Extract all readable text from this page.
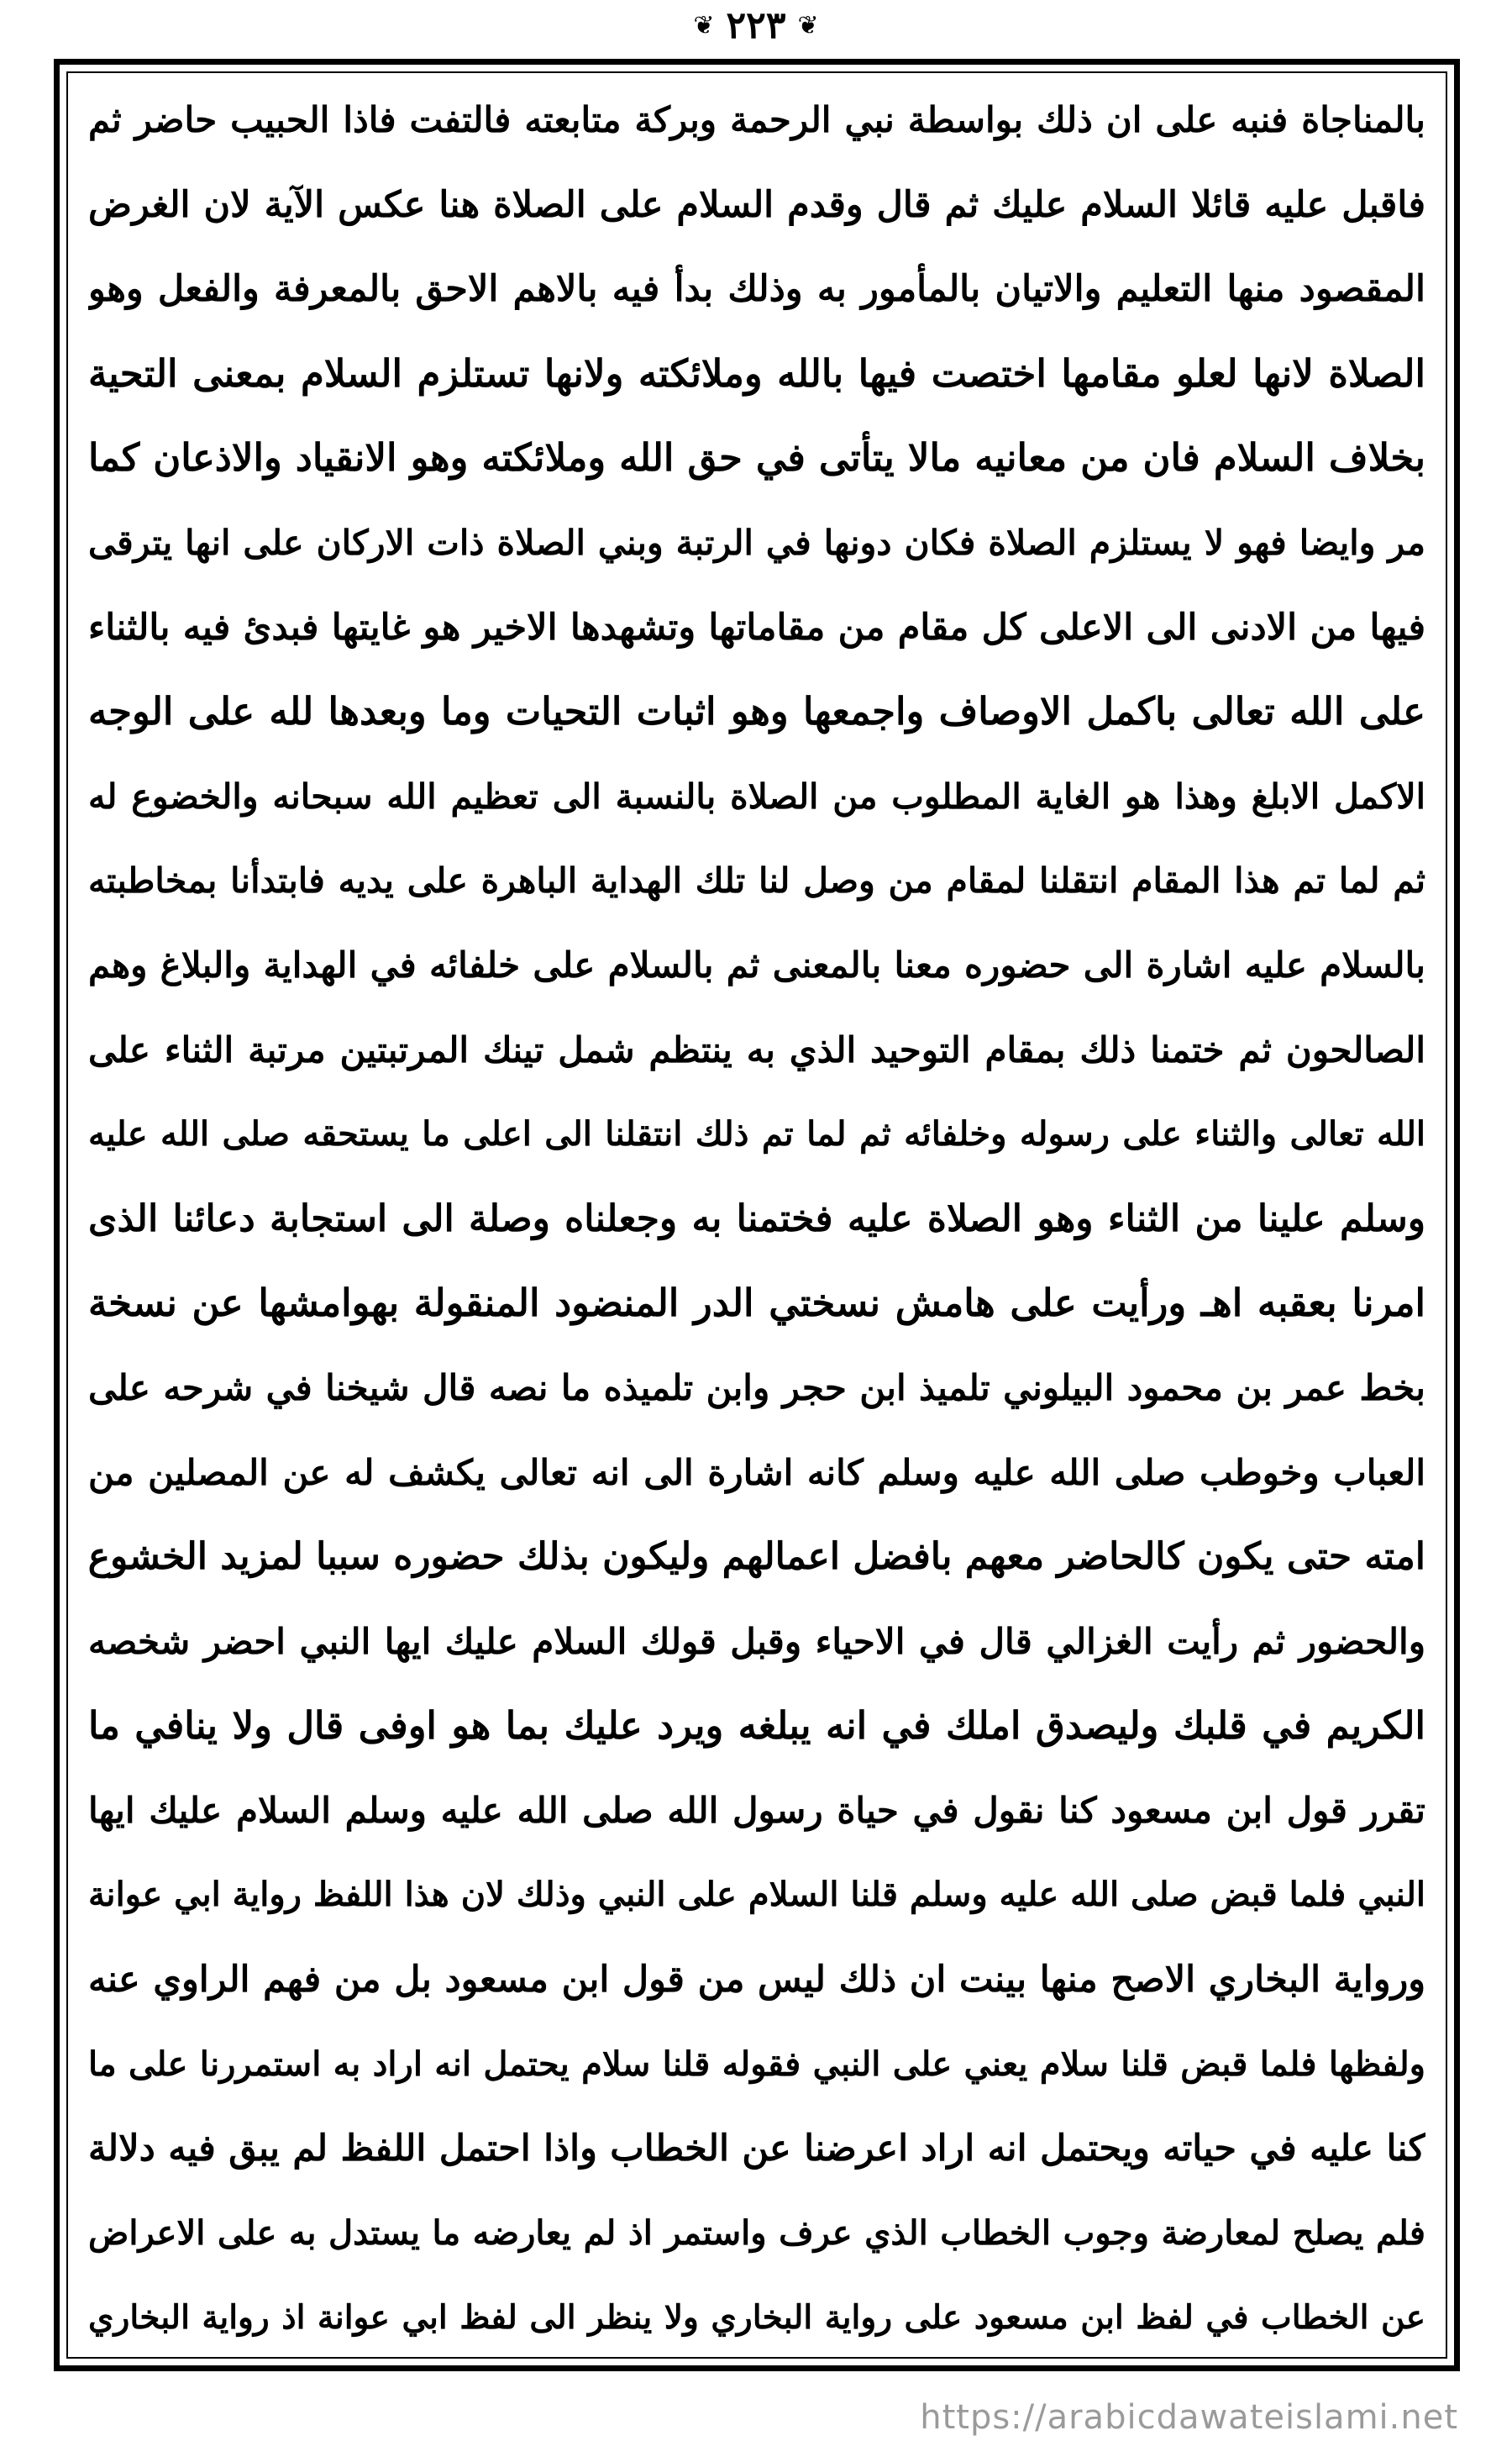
❦ ٢٢٣ ❦
بالمناجاة فنبه على ان ذلك بواسطة نبي الرحمة وبركة متابعته فالتفت فاذا الحبيب حاضر ثم
فاقبل عليه قائلا السلام عليك ثم قال وقدم السلام على الصلاة هنا عكس الآية لان الغرض
المقصود منها التعليم والاتيان بالمأمور به وذلك بدأ فيه بالاهم الاحق بالمعرفة والفعل وهو
الصلاة لانها لعلو مقامها اختصت فيها بالله وملائكته ولانها تستلزم السلام بمعنى التحية
بخلاف السلام فان من معانيه مالا يتأتى في حق الله وملائكته وهو الانقياد والاذعان كما
مر وايضا فهو لا يستلزم الصلاة فكان دونها في الرتبة وبني الصلاة ذات الاركان على انها يترقى
فيها من الادنى الى الاعلى كل مقام من مقاماتها وتشهدها الاخير هو غايتها فبدئ فيه بالثناء
على الله تعالى باكمل الاوصاف واجمعها وهو اثبات التحيات وما وبعدها لله على الوجه
الاكمل الابلغ وهذا هو الغاية المطلوب من الصلاة بالنسبة الى تعظيم الله سبحانه والخضوع له
ثم لما تم هذا المقام انتقلنا لمقام من وصل لنا تلك الهداية الباهرة على يديه فابتدأنا بمخاطبته
بالسلام عليه اشارة الى حضوره معنا بالمعنى ثم بالسلام على خلفائه في الهداية والبلاغ وهم
الصالحون ثم ختمنا ذلك بمقام التوحيد الذي به ينتظم شمل تينك المرتبتين مرتبة الثناء على
الله تعالى والثناء على رسوله وخلفائه ثم لما تم ذلك انتقلنا الى اعلى ما يستحقه صلى الله عليه
وسلم علينا من الثناء وهو الصلاة عليه فختمنا به وجعلناه وصلة الى استجابة دعائنا الذى
امرنا بعقبه اهـ ورأيت على هامش نسختي الدر المنضود المنقولة بهوامشها عن نسخة
بخط عمر بن محمود البيلوني تلميذ ابن حجر وابن تلميذه ما نصه قال شيخنا في شرحه على
العباب وخوطب صلى الله عليه وسلم كانه اشارة الى انه تعالى يكشف له عن المصلين من
امته حتى يكون كالحاضر معهم بافضل اعمالهم وليكون بذلك حضوره سببا لمزيد الخشوع
والحضور ثم رأيت الغزالي قال في الاحياء وقبل قولك السلام عليك ايها النبي احضر شخصه
الكريم في قلبك وليصدق املك في انه يبلغه ويرد عليك بما هو اوفى قال ولا ينافي ما
تقرر قول ابن مسعود كنا نقول في حياة رسول الله صلى الله عليه وسلم السلام عليك ايها
النبي فلما قبض صلى الله عليه وسلم قلنا السلام على النبي وذلك لان هذا اللفظ رواية ابي عوانة
ورواية البخاري الاصح منها بينت ان ذلك ليس من قول ابن مسعود بل من فهم الراوي عنه
ولفظها فلما قبض قلنا سلام يعني على النبي فقوله قلنا سلام يحتمل انه اراد به استمررنا على ما
كنا عليه في حياته ويحتمل انه اراد اعرضنا عن الخطاب واذا احتمل اللفظ لم يبق فيه دلالة
فلم يصلح لمعارضة وجوب الخطاب الذي عرف واستمر اذ لم يعارضه ما يستدل به على الاعراض
عن الخطاب في لفظ ابن مسعود على رواية البخاري ولا ينظر الى لفظ ابي عوانة اذ رواية البخاري
https://arabicdawateislami.net
